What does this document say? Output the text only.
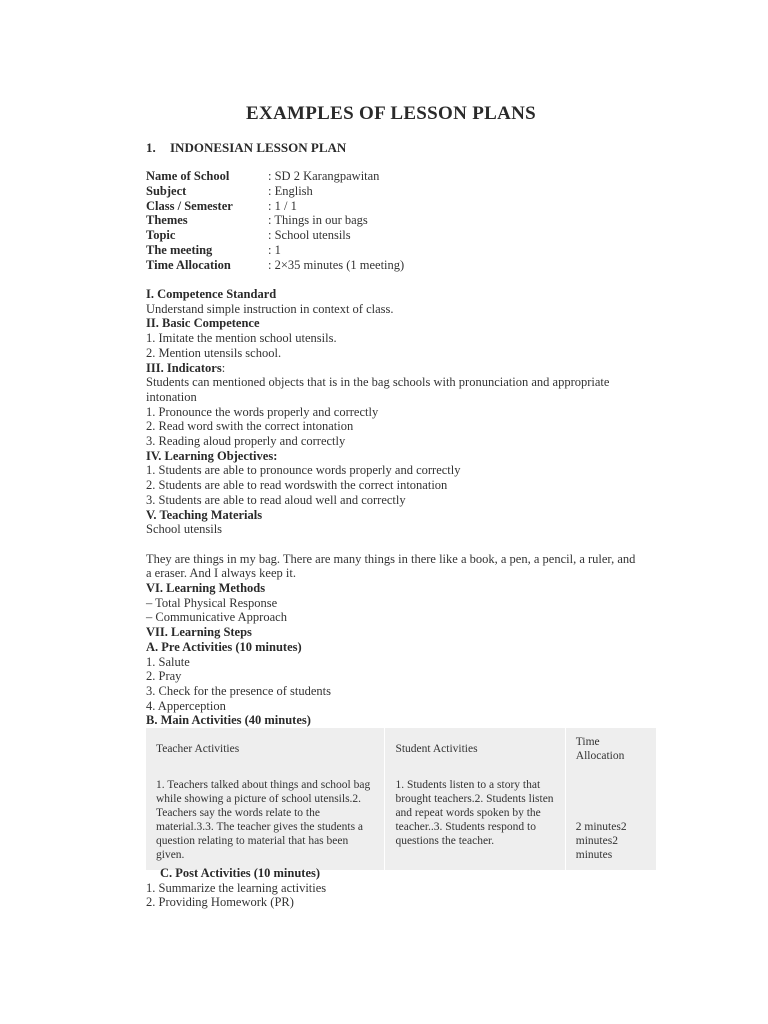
EXAMPLES OF LESSON PLANS
1. INDONESIAN LESSON PLAN
Name of School	: SD 2 Karangpawitan
Subject	: English
Class / Semester	: 1 / 1
Themes	: Things in our bags
Topic	: School utensils
The meeting	: 1
Time Allocation	: 2×35 minutes (1 meeting)
I. Competence Standard
Understand simple instruction in context of class.
II. Basic Competence
1. Imitate the mention school utensils.
2. Mention utensils school.
III. Indicators:
Students can mentioned objects that is in the bag schools with pronunciation and appropriate intonation
1. Pronounce the words properly and correctly
2. Read word swith the correct intonation
3. Reading aloud properly and correctly
IV. Learning Objectives:
1. Students are able to pronounce words properly and correctly
2. Students are able to read wordswith the correct intonation
3. Students are able to read aloud well and correctly
V. Teaching Materials
School utensils
They are things in my bag. There are many things in there like a book, a pen, a pencil, a ruler, and a eraser. And I always keep it.
VI. Learning Methods
– Total Physical Response
– Communicative Approach
VII. Learning Steps
A. Pre Activities (10 minutes)
1. Salute
2. Pray
3. Check for the presence of students
4. Apperception
B. Main Activities (40 minutes)
Teacher Activities	Student Activities	Time Allocation
1. Teachers talked about things and school bag while showing a picture of school utensils.2. Teachers say the words relate to the material.3.3. The teacher gives the students a question relating to material that has been given.	1. Students listen to a story that brought teachers.2. Students listen and repeat words spoken by the teacher..3. Students respond to questions the teacher.	2 minutes2 minutes2 minutes
C. Post Activities (10 minutes)
1. Summarize the learning activities
2. Providing Homework (PR)
